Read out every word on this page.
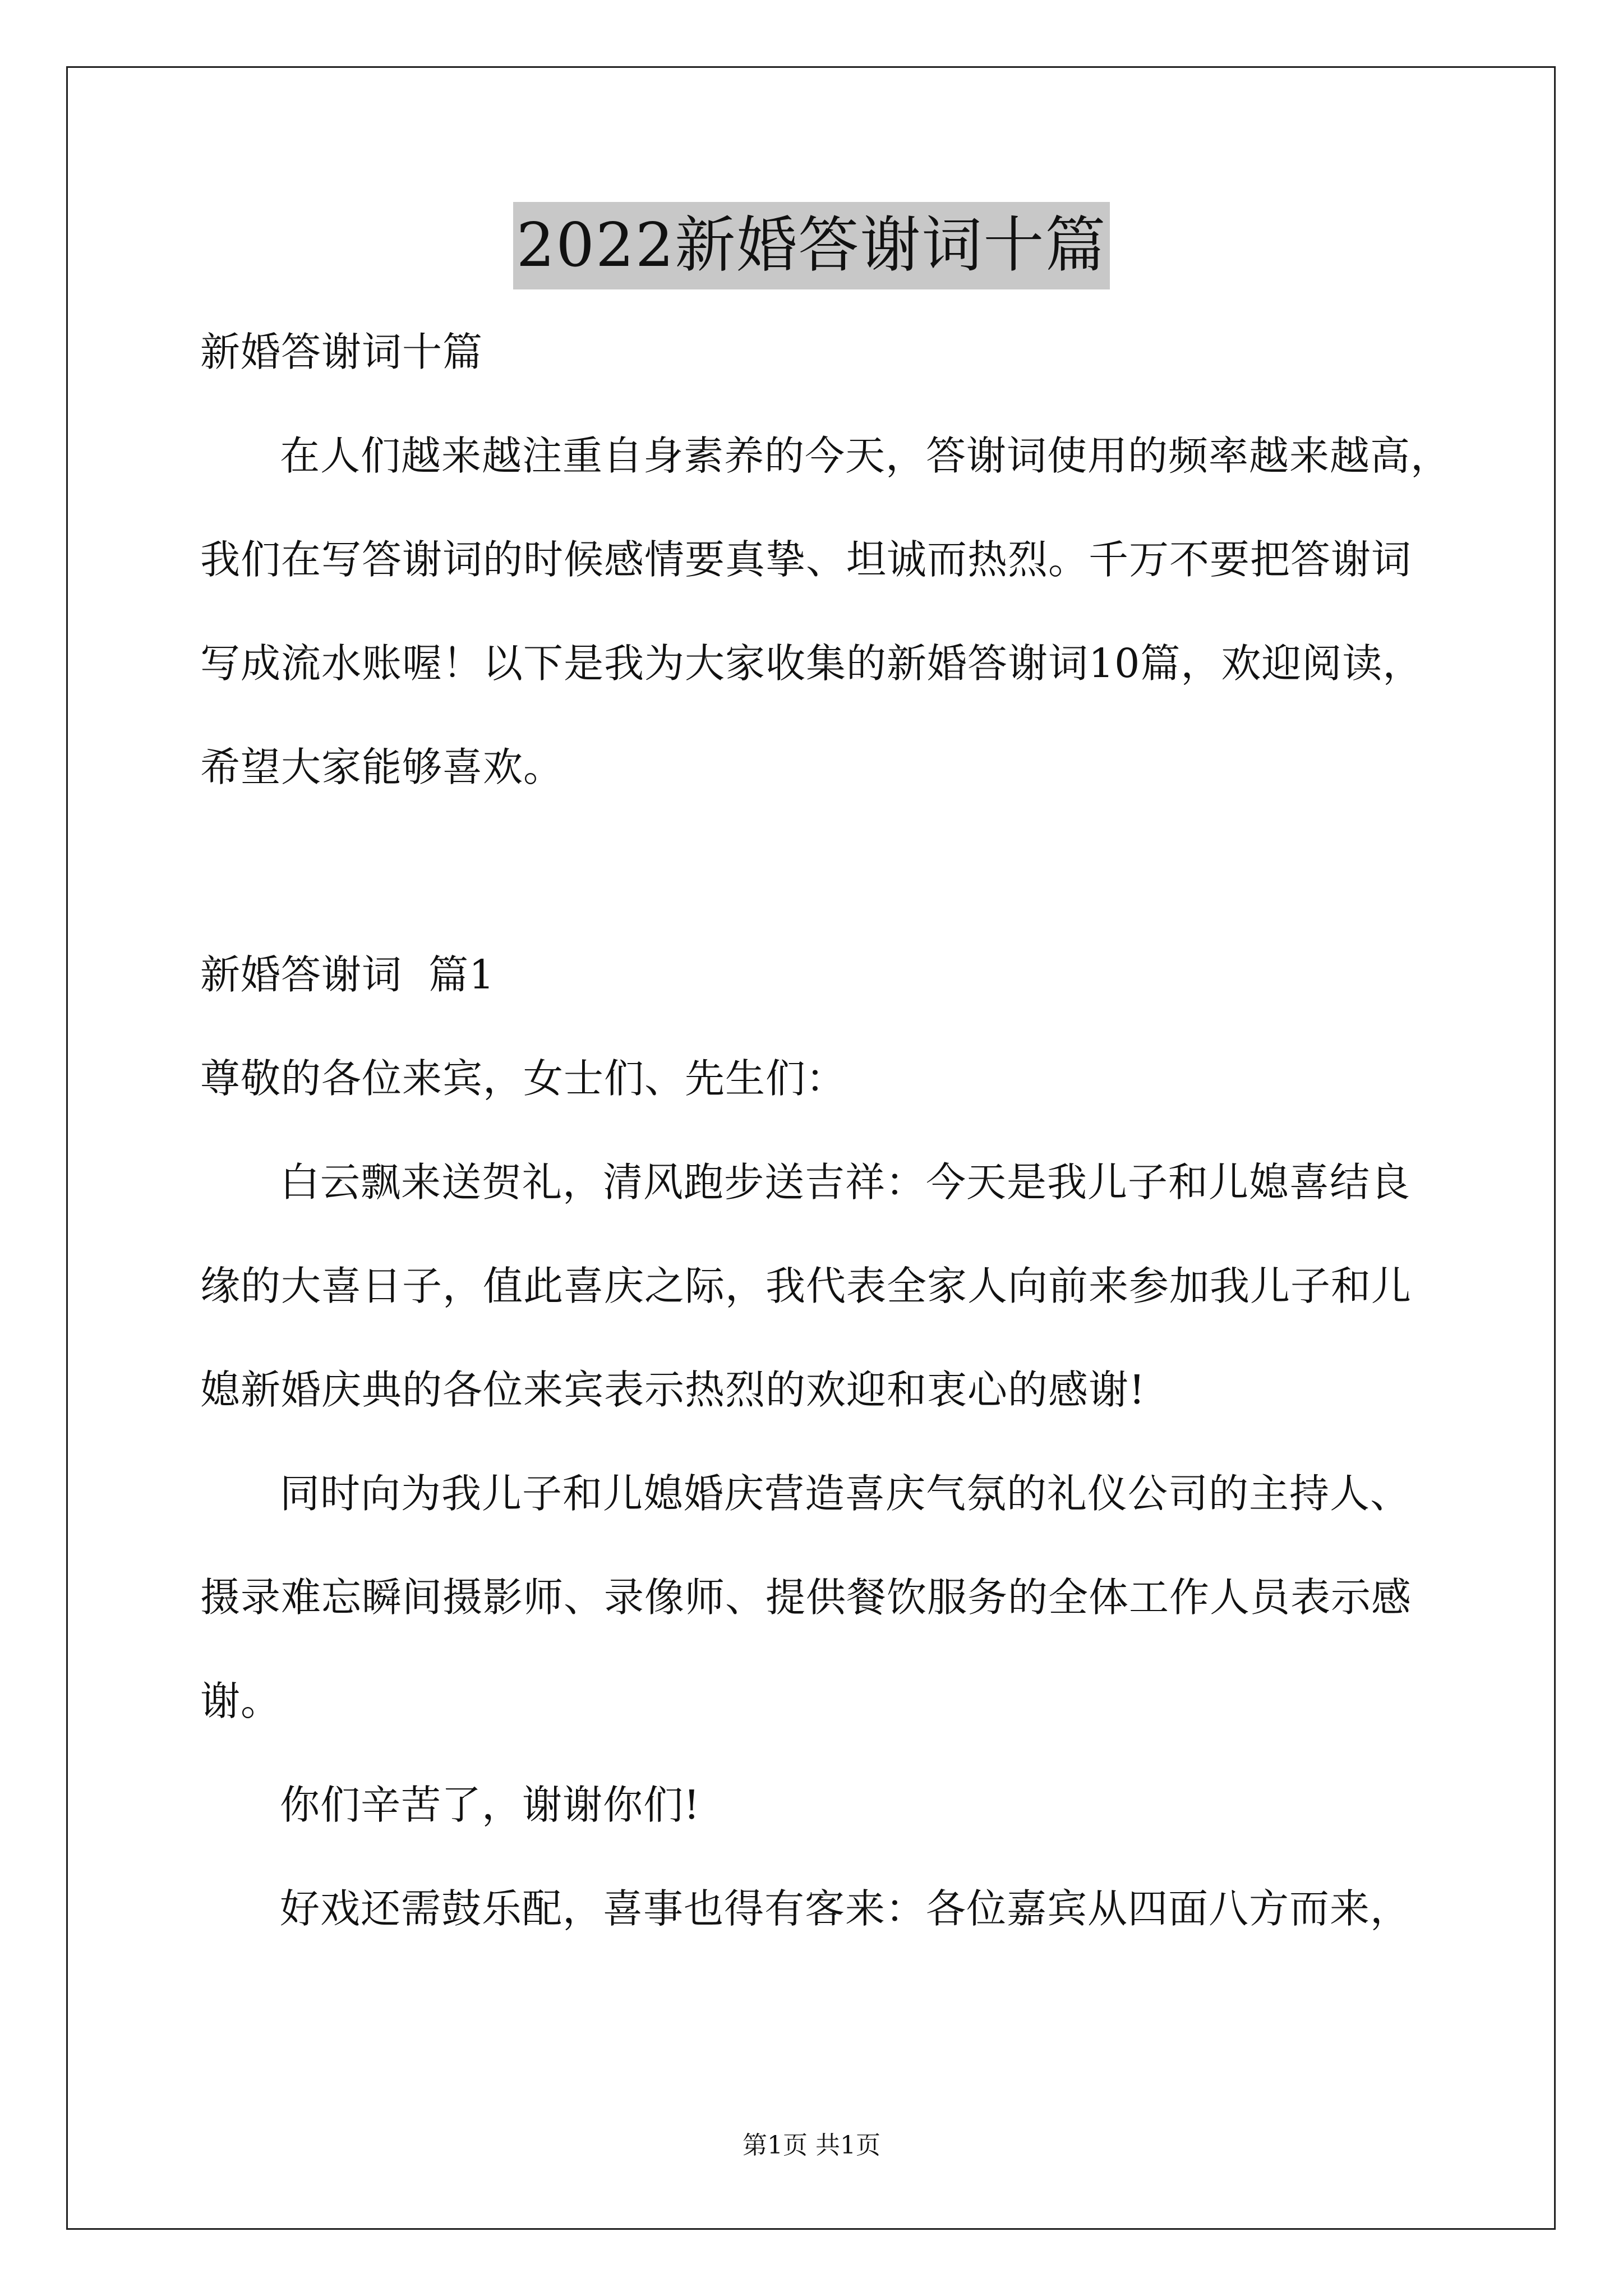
2022新婚答谢词十篇

新婚答谢词十篇

在人们越来越注重自身素养的今天，答谢词使用的频率越来越高，

我们在写答谢词的时候感情要真挚、坦诚而热烈。千万不要把答谢词

写成流水账喔！以下是我为大家收集的新婚答谢词10篇，欢迎阅读，

希望大家能够喜欢。

新婚答谢词  篇1

尊敬的各位来宾，女士们、先生们：

白云飘来送贺礼，清风跑步送吉祥：今天是我儿子和儿媳喜结良

缘的大喜日子，值此喜庆之际，我代表全家人向前来参加我儿子和儿

媳新婚庆典的各位来宾表示热烈的欢迎和衷心的感谢!

同时向为我儿子和儿媳婚庆营造喜庆气氛的礼仪公司的主持人、

摄录难忘瞬间摄影师、录像师、提供餐饮服务的全体工作人员表示感

谢。

你们辛苦了，谢谢你们!

好戏还需鼓乐配，喜事也得有客来：各位嘉宾从四面八方而来，

第1页 共1页
